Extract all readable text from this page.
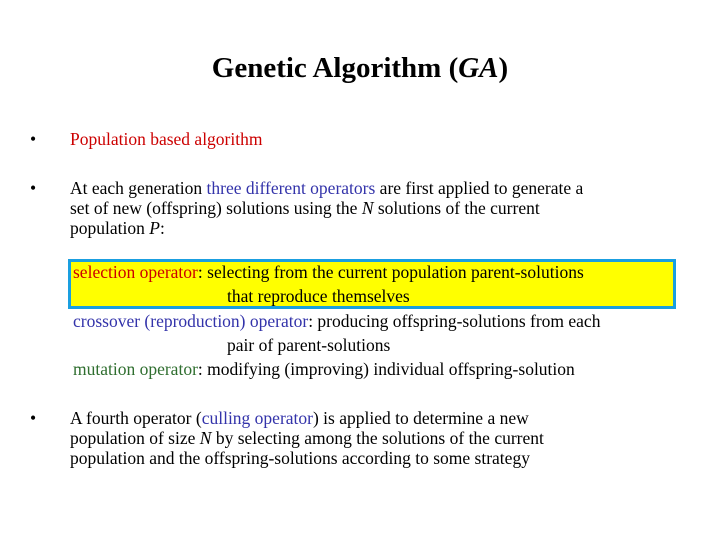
Genetic Algorithm (GA)
•	Population based algorithm
•	At each generation three different operators are first applied to generate a
set of new (offspring) solutions using the N solutions of the current
population P:
selection operator: selecting from the current population parent-solutions
that reproduce themselves
crossover (reproduction) operator: producing offspring-solutions from each
pair of parent-solutions
mutation operator: modifying (improving) individual offspring-solution
•	A fourth operator (culling operator) is applied to determine a new
population of size N by selecting among the solutions of the current
population and the offspring-solutions according to some strategy
